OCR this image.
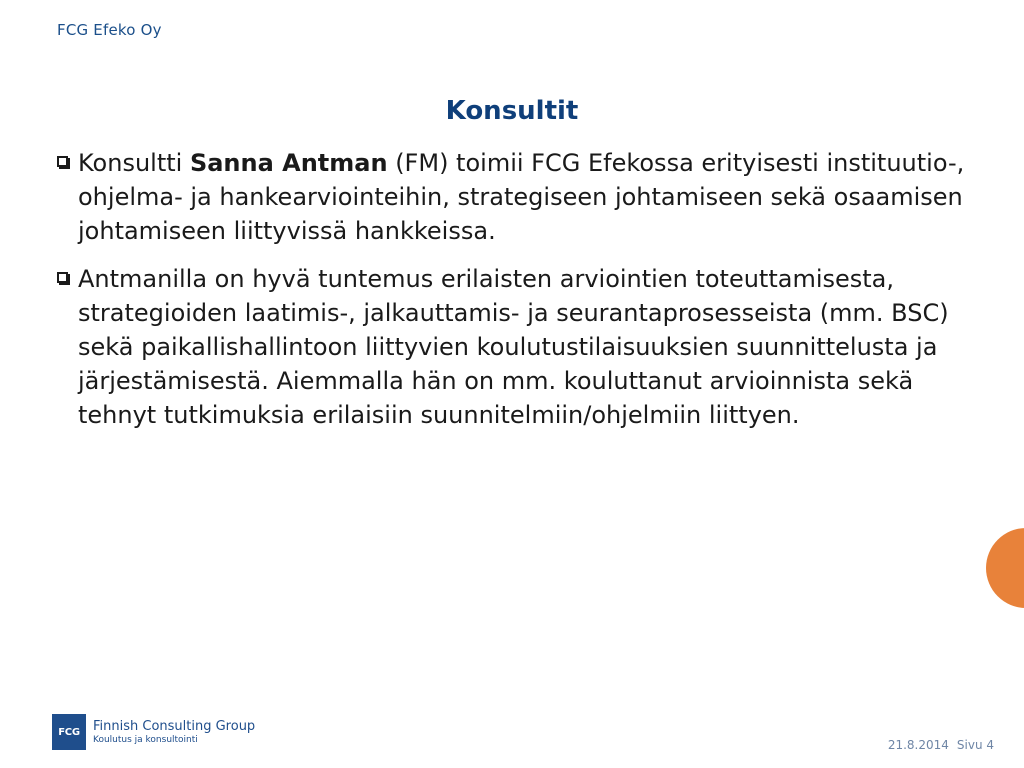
FCG Efeko Oy
Konsultit
Konsultti Sanna Antman (FM) toimii FCG Efekossa erityisesti instituutio-, ohjelma- ja hankearviointeihin, strategiseen johtamiseen sekä osaamisen johtamiseen liittyvissä hankkeissa.
Antmanilla on hyvä tuntemus erilaisten arviointien toteuttamisesta, strategioiden laatimis-, jalkauttamis- ja seurantaprosesseista (mm. BSC) sekä paikallishallintoon liittyvien koulutustilaisuuksien suunnittelusta ja järjestämisestä. Aiemmalla hän on mm. kouluttanut arvioinnista sekä tehnyt tutkimuksia erilaisiin suunnitelmiin/ohjelmiin liittyen.
FCG	Finnish Consulting Group
Koulutus ja konsultointi	21.8.2014 Sivu 4
